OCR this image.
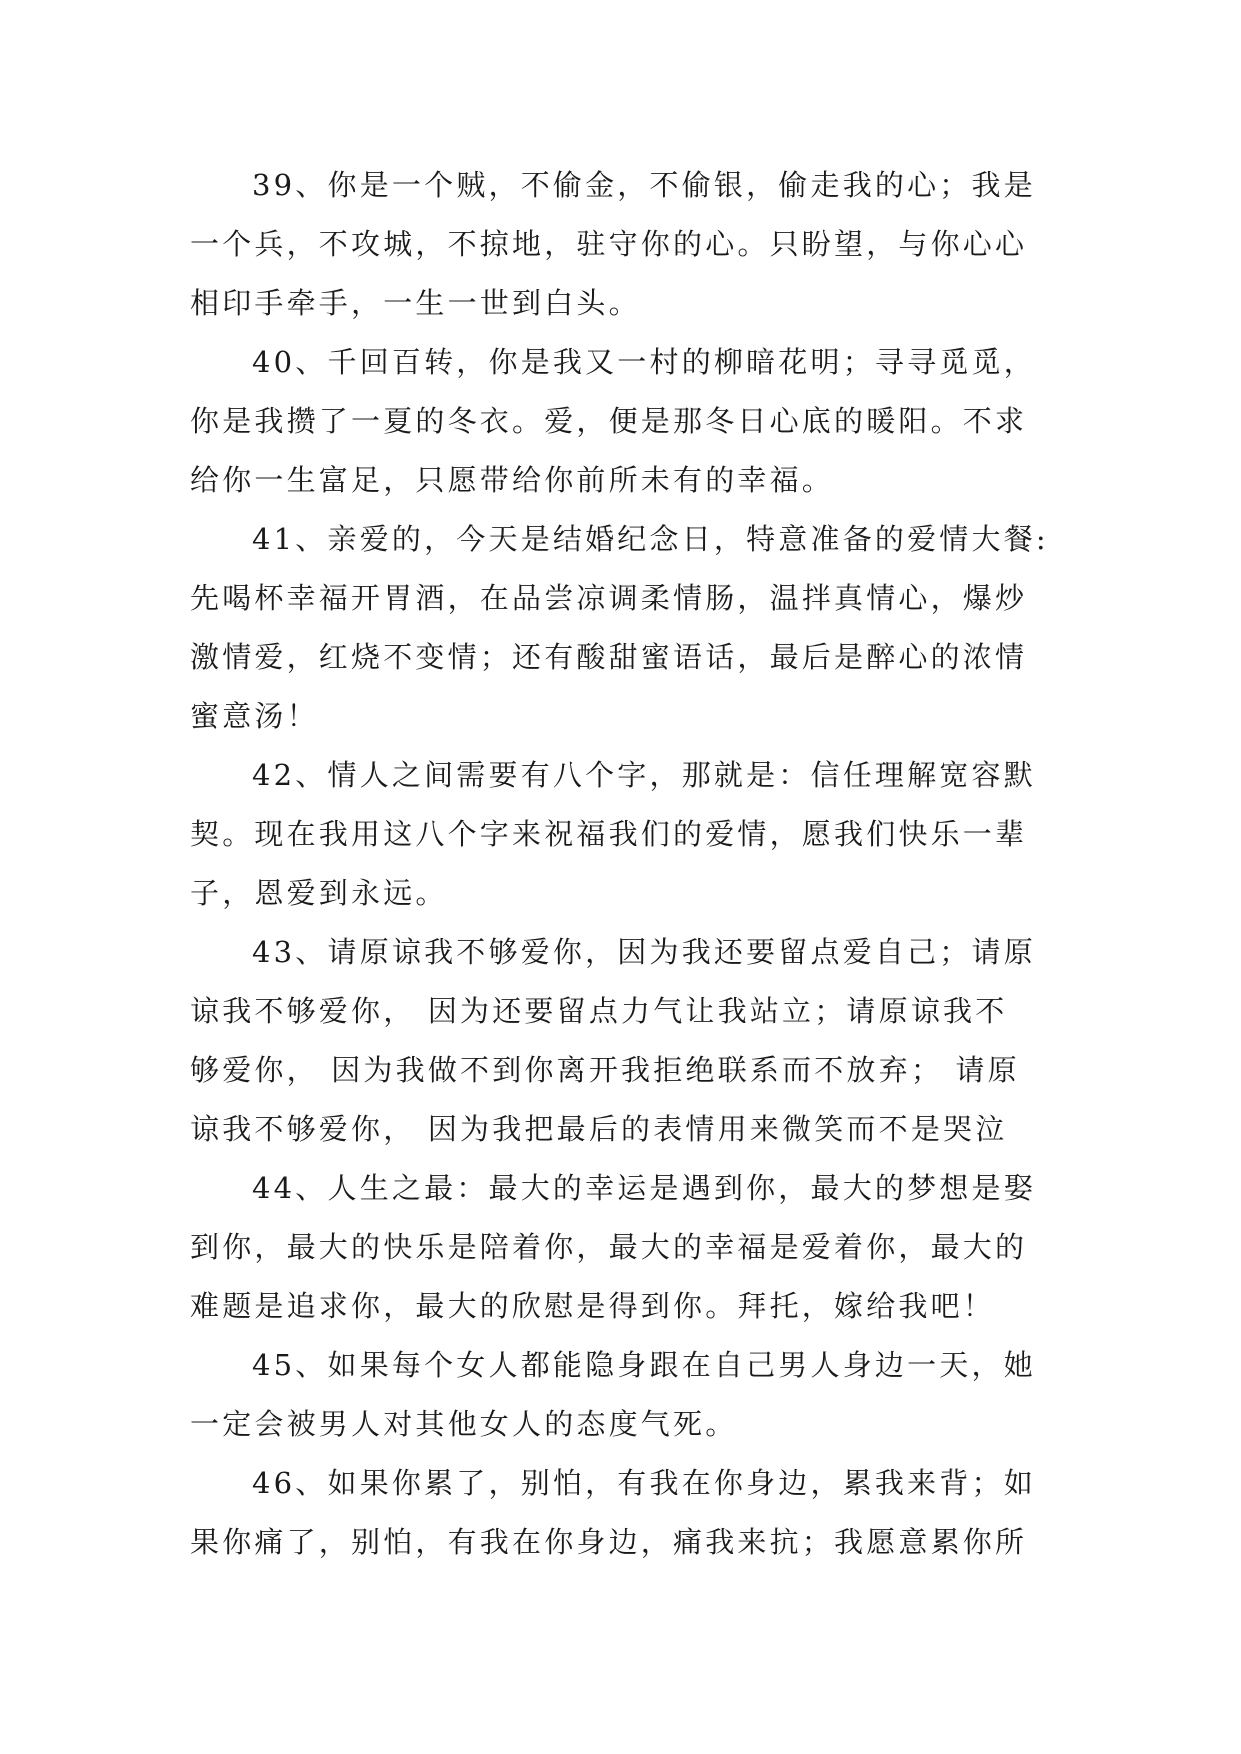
39、你是一个贼，不偷金，不偷银，偷走我的心；我是
一个兵，不攻城，不掠地，驻守你的心。只盼望，与你心心
相印手牵手，一生一世到白头。

40、千回百转，你是我又一村的柳暗花明；寻寻觅觅，
你是我攒了一夏的冬衣。爱，便是那冬日心底的暖阳。不求
给你一生富足，只愿带给你前所未有的幸福。

41、亲爱的，今天是结婚纪念日，特意准备的爱情大餐:
先喝杯幸福开胃酒，在品尝凉调柔情肠，温拌真情心，爆炒
激情爱，红烧不变情；还有酸甜蜜语话，最后是醉心的浓情
蜜意汤！

42、情人之间需要有八个字，那就是：信任理解宽容默
契。现在我用这八个字来祝福我们的爱情，愿我们快乐一辈
子，恩爱到永远。

43、请原谅我不够爱你，因为我还要留点爱自己；请原
谅我不够爱你， 因为还要留点力气让我站立；请原谅我不
够爱你， 因为我做不到你离开我拒绝联系而不放弃； 请原
谅我不够爱你， 因为我把最后的表情用来微笑而不是哭泣

44、人生之最：最大的幸运是遇到你，最大的梦想是娶
到你，最大的快乐是陪着你，最大的幸福是爱着你，最大的
难题是追求你，最大的欣慰是得到你。拜托，嫁给我吧！

45、如果每个女人都能隐身跟在自己男人身边一天，她
一定会被男人对其他女人的态度气死。

46、如果你累了，别怕，有我在你身边，累我来背；如
果你痛了，别怕，有我在你身边，痛我来抗；我愿意累你所
